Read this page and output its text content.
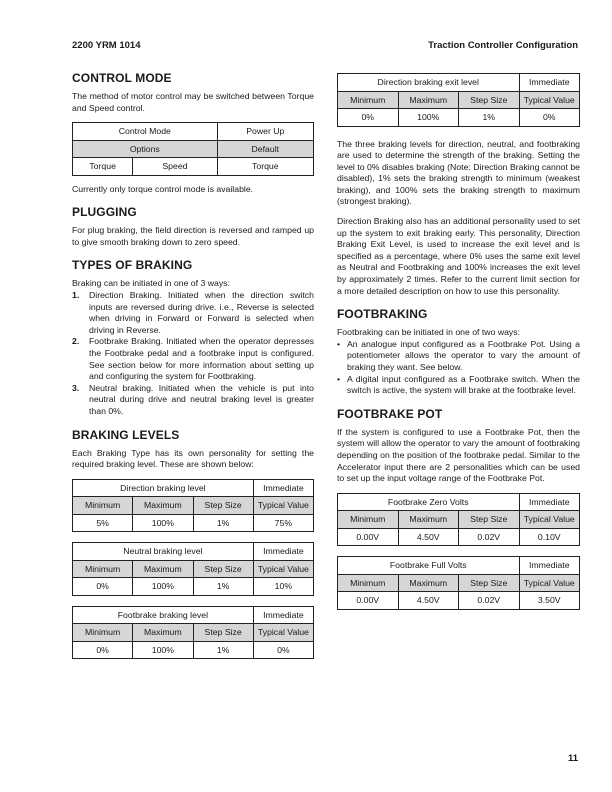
2200 YRM 1014	Traction Controller Configuration
CONTROL MODE

The method of motor control may be switched between Torque and Speed control.

Control Mode		Power Up
Options		Default
Torque	Speed	Torque

Currently only torque control mode is available.

PLUGGING

For plug braking, the field direction is reversed and ramped up to give smooth braking down to zero speed.

TYPES OF BRAKING
Braking can be initiated in one of 3 ways:
1. Direction Braking. Initiated when the direction switch inputs are reversed during drive. i.e., Reverse is selected when driving in Forward or Forward is selected when driving in Reverse.
2. Footbrake Braking. Initiated when the operator depresses the Footbrake pedal and a footbrake input is configured. See section below for more information about setting up and configuring the system for Footbraking.
3. Neutral braking. Initiated when the vehicle is put into neutral during drive and neutral braking level is greater than 0%.
BRAKING LEVELS

Each Braking Type has its own personality for setting the required braking level. These are shown below:

Direction braking level			Immediate
Minimum	Maximum	Step Size	Typical Value
5%	100%	1%	75%
Neutral braking level			Immediate
Minimum	Maximum	Step Size	Typical Value
0%	100%	1%	10%
Footbrake braking level			Immediate
Minimum	Maximum	Step Size	Typical Value
0%	100%	1%	0%
Direction braking exit level			Immediate
Minimum	Maximum	Step Size	Typical Value
0%	100%	1%	0%

The three braking levels for direction, neutral, and footbraking are used to determine the strength of the braking. Setting the level to 0% disables braking (Note: Direction Braking cannot be disabled), 1% sets the braking strength to minimum (weakest braking), and 100% sets the braking strength to maximum (strongest braking).

Direction Braking also has an additional personality used to set up the system to exit braking early. This personality, Direction Braking Exit Level, is used to increase the exit level and is specified as a percentage, where 0% uses the same exit level as Neutral and Footbraking and 100% increases the exit level by approximately 2 times. Refer to the current limit section for a more detailed description on how to use this personality.

FOOTBRAKING
Footbraking can be initiated in one of two ways:
• An analogue input configured as a Footbrake Pot. Using a potentiometer allows the operator to vary the amount of braking they want. See below.
• A digital input configured as a Footbrake switch. When the switch is active, the system will brake at the footbrake level.
FOOTBRAKE POT

If the system is configured to use a Footbrake Pot, then the system will allow the operator to vary the amount of footbraking depending on the position of the footbrake pedal. Similar to the Accelerator input there are 2 personalities which can be used to set up the input voltage range of the Footbrake Pot.

Footbrake Zero Volts			Immediate
Minimum	Maximum	Step Size	Typical Value
0.00V	4.50V	0.02V	0.10V
Footbrake Full Volts			Immediate
Minimum	Maximum	Step Size	Typical Value
0.00V	4.50V	0.02V	3.50V
11
